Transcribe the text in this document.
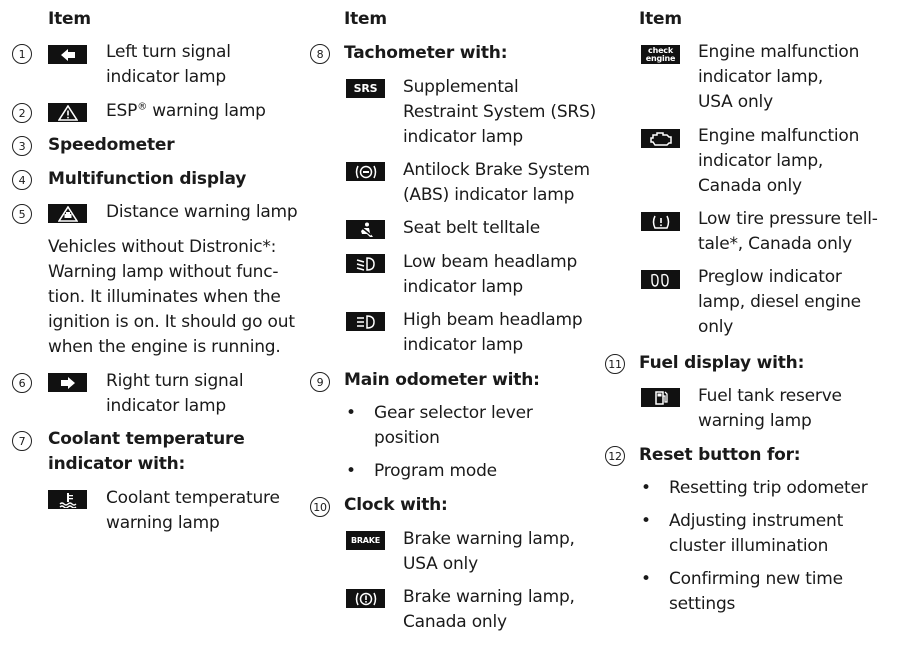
Item
1	Left turn signal
indicator lamp
2	ESP® warning lamp
3	Speedometer
4	Multifunction display
5	Distance warning lamp
Vehicles without Distronic*:
Warning lamp without func-
tion. It illuminates when the
ignition is on. It should go out
when the engine is running.
6	Right turn signal
indicator lamp
7	Coolant temperature
indicator with:
Coolant temperature
warning lamp
Item
8	Tachometer with:
SRS	Supplemental
Restraint System (SRS)
indicator lamp
Antilock Brake System
(ABS) indicator lamp
Seat belt telltale
Low beam headlamp
indicator lamp
High beam headlamp
indicator lamp
9	Main odometer with:
• Gear selector lever
position
• Program mode
10 Clock with:
BRAKE Brake warning lamp,
USA only
Brake warning lamp,
Canada only
Item
check
engine Engine malfunction
indicator lamp,
USA only
Engine malfunction
indicator lamp,
Canada only
Low tire pressure tell-
tale*, Canada only
Preglow indicator
lamp, diesel engine
only
11 Fuel display with:
Fuel tank reserve
warning lamp
12 Reset button for:
• Resetting trip odometer
• Adjusting instrument
cluster illumination
• Confirming new time
settings
